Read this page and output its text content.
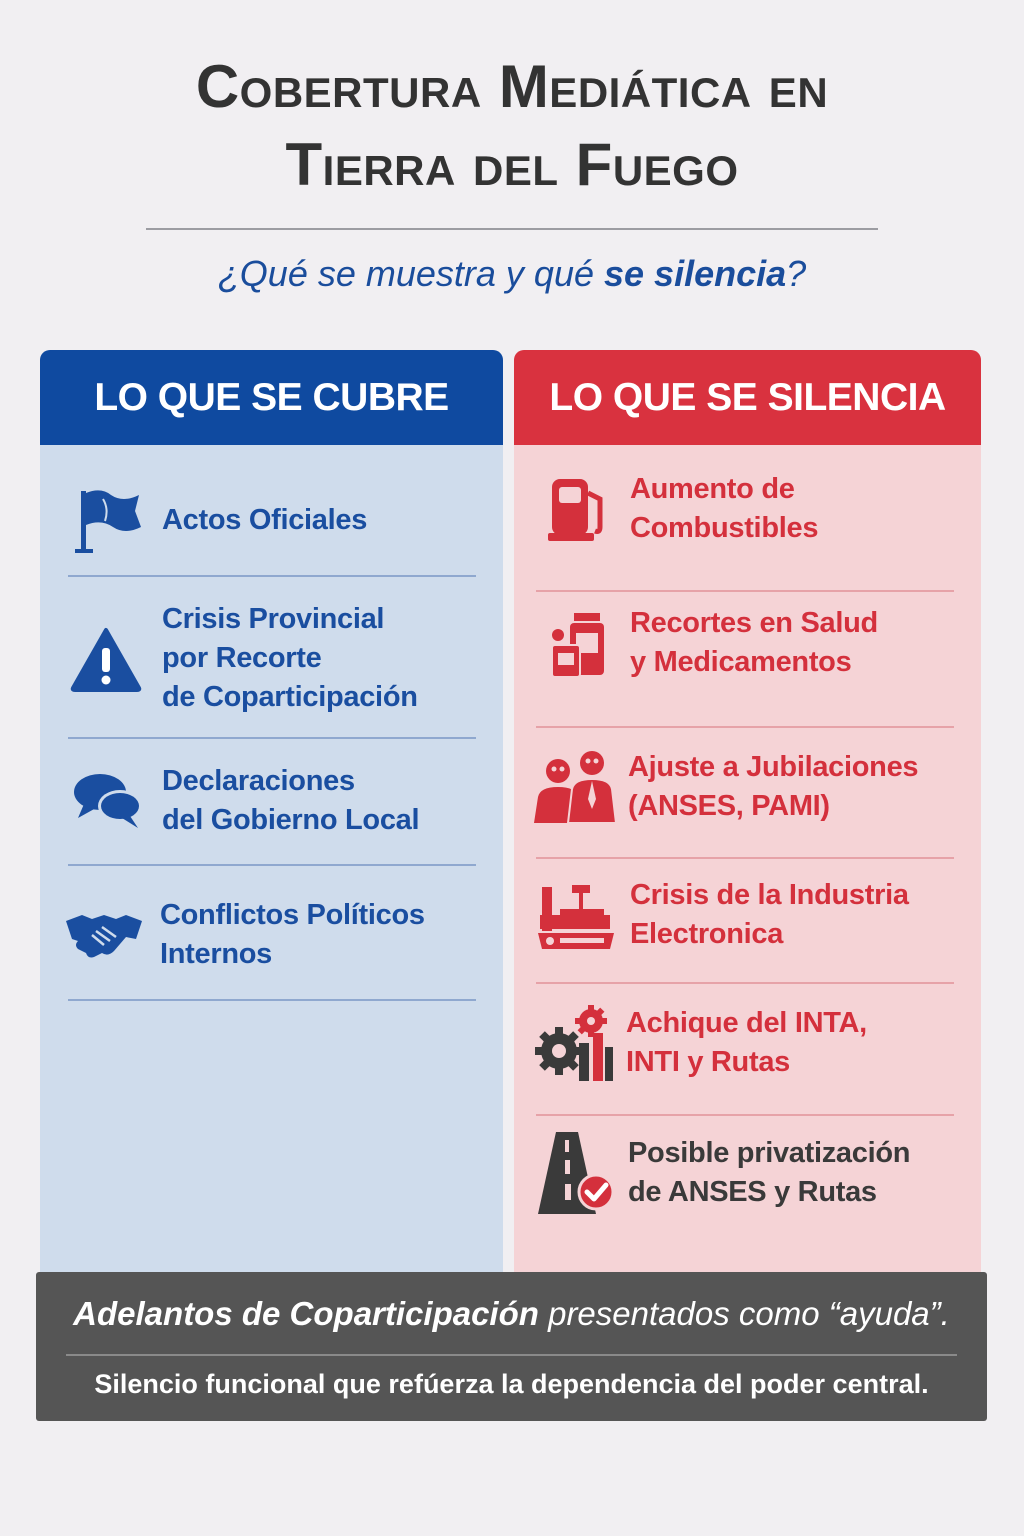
Cobertura Mediática en
Tierra del Fuego
¿Qué se muestra y qué se silencia?
LO QUE SE CUBRE
Actos Oficiales
Crisis Provincial
por Recorte
de Coparticipación
Declaraciones
del Gobierno Local
Conflictos Políticos
Internos
LO QUE SE SILENCIA
Aumento de
Combustibles
Recortes en Salud
y Medicamentos
Ajuste a Jubilaciones
(ANSES, PAMI)
Crisis de la Industria
Electronica
Achique del INTA,
INTI y Rutas
Posible privatización
de ANSES y Rutas
Adelantos de Coparticipación presentados como “ayuda”.
Silencio funcional que refúerza la dependencia del poder central.
